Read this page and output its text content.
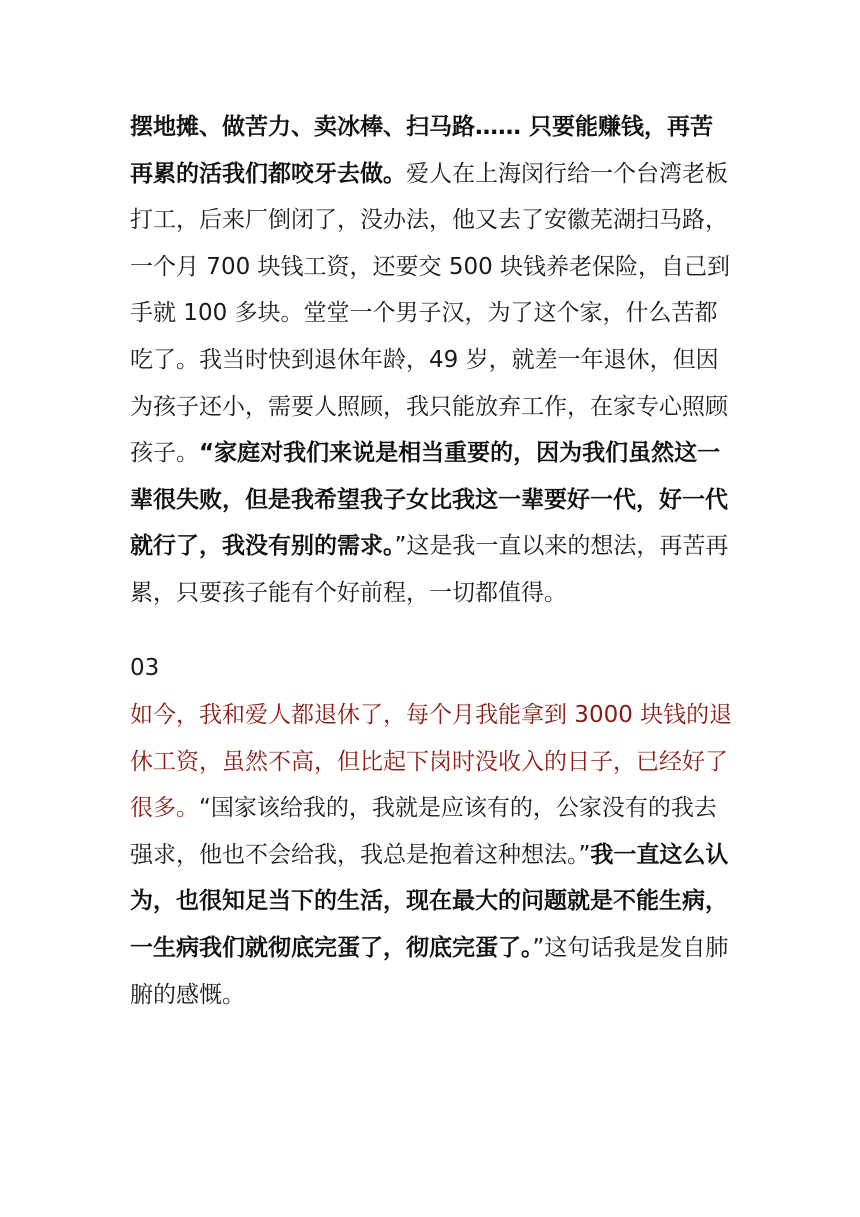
摆地摊、做苦力、卖冰棒、扫马路…… 只要能赚钱，再苦再累的活我们都咬牙去做。爱人在上海闵行给一个台湾老板打工，后来厂倒闭了，没办法，他又去了安徽芜湖扫马路，一个月 700 块钱工资，还要交 500 块钱养老保险，自己到手就 100 多块。堂堂一个男子汉，为了这个家，什么苦都吃了。我当时快到退休年龄，49 岁，就差一年退休，但因为孩子还小，需要人照顾，我只能放弃工作，在家专心照顾孩子。“家庭对我们来说是相当重要的，因为我们虽然这一辈很失败，但是我希望我子女比我这一辈要好一代，好一代就行了，我没有别的需求。”这是我一直以来的想法，再苦再累，只要孩子能有个好前程，一切都值得。
03
如今，我和爱人都退休了，每个月我能拿到 3000 块钱的退休工资，虽然不高，但比起下岗时没收入的日子，已经好了很多。“国家该给我的，我就是应该有的，公家没有的我去强求，他也不会给我，我总是抱着这种想法。”我一直这么认为，也很知足当下的生活，现在最大的问题就是不能生病，一生病我们就彻底完蛋了，彻底完蛋了。”这句话我是发自肺腑的感慨。
